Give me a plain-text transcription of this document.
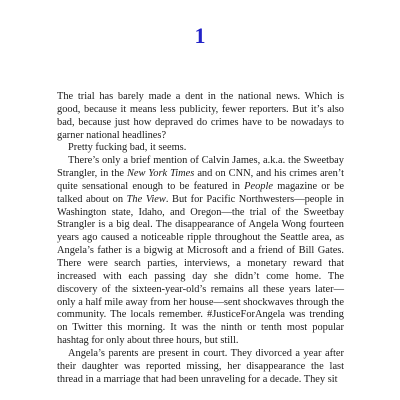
1

The trial has barely made a dent in the national news. Which is good, because it means less publicity, fewer reporters. But it’s also bad, because just how depraved do crimes have to be nowadays to garner national headlines?

Pretty fucking bad, it seems.

There’s only a brief mention of Calvin James, a.k.a. the Sweetbay Strangler, in the New York Times and on CNN, and his crimes aren’t quite sensational enough to be featured in People magazine or be talked about on The View. But for Pacific Northwesters—people in Washington state, Idaho, and Oregon—the trial of the Sweetbay Strangler is a big deal. The disappearance of Angela Wong fourteen years ago caused a noticeable ripple throughout the Seattle area, as Angela’s father is a bigwig at Microsoft and a friend of Bill Gates. There were search parties, interviews, a monetary reward that increased with each passing day she didn’t come home. The discovery of the sixteen-year-old’s remains all these years later—only a half mile away from her house—sent shockwaves through the community. The locals remember. #JusticeForAngela was trending on Twitter this morning. It was the ninth or tenth most popular hashtag for only about three hours, but still.

Angela’s parents are present in court. They divorced a year after their daughter was reported missing, her disappearance the last thread in a marriage that had been unraveling for a decade. They sit
